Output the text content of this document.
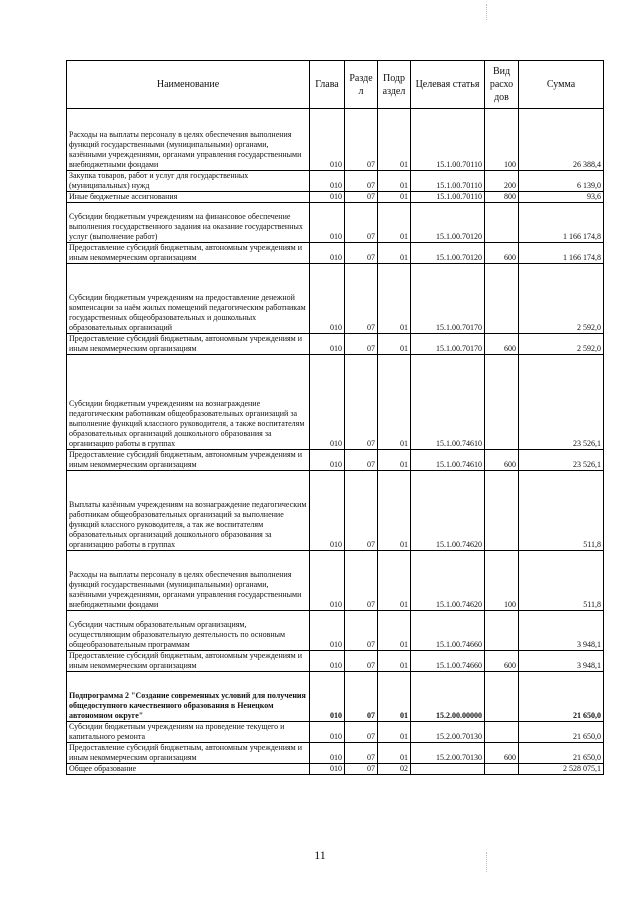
Наименование	Глава	Разде л	Подр аздел	Целевая статья	Вид расхо дов	Сумма
Расходы на выплаты персоналу в целях обеспечения выполнения функций государственными (муниципальными) органами, казёнными учреждениями, органами управления государственными внебюджетными фондами	010	07	01	15.1.00.70110	100	26 388,4
Закупка товаров, работ и услуг для государственных (муниципальных) нужд	010	07	01	15.1.00.70110	200	6 139,0
Иные бюджетные ассигнования	010	07	01	15.1.00.70110	800	93,6
Субсидии бюджетным учреждениям на финансовое обеспечение выполнения государственного задания на оказание государственных услуг (выполнение работ)	010	07	01	15.1.00.70120		1 166 174,8
Предоставление субсидий бюджетным, автономным учреждениям и иным некоммерческим организациям	010	07	01	15.1.00.70120	600	1 166 174,8
Субсидии бюджетным учреждениям на предоставление денежной компенсации за наём жилых помещений педагогическим работникам государственных общеобразовательных и дошкольных образовательных организаций	010	07	01	15.1.00.70170		2 592,0
Предоставление субсидий бюджетным, автономным учреждениям и иным некоммерческим организациям	010	07	01	15.1.00.70170	600	2 592,0
Субсидии бюджетным учреждениям на вознаграждение педагогическим работникам общеобразовательных организаций за выполнение функций классного руководителя, а также воспитателям образовательных организаций дошкольного образования за организацию работы в группах	010	07	01	15.1.00.74610		23 526,1
Предоставление субсидий бюджетным, автономным учреждениям и иным некоммерческим организациям	010	07	01	15.1.00.74610	600	23 526,1
Выплаты казённым учреждениям на вознаграждение педагогическим работникам общеобразовательных организаций за выполнение функций классного руководителя, а так же воспитателям образовательных организаций дошкольного образования за организацию работы в группах	010	07	01	15.1.00.74620		511,8
Расходы на выплаты персоналу в целях обеспечения выполнения функций государственными (муниципальными) органами, казёнными учреждениями, органами управления государственными внебюджетными фондами	010	07	01	15.1.00.74620	100	511,8
Субсидии частным образовательным организациям, осуществляющим образовательную деятельность по основным общеобразовательным программам	010	07	01	15.1.00.74660		3 948,1
Предоставление субсидий бюджетным, автономным учреждениям и иным некоммерческим организациям	010	07	01	15.1.00.74660	600	3 948,1
Подпрограмма 2 "Создание современных условий для получения общедоступного качественного образования в Ненецком автономном округе"	010	07	01	15.2.00.00000		21 650,0
Субсидии бюджетным учреждениям на проведение текущего и капитального ремонта	010	07	01	15.2.00.70130		21 650,0
Предоставление субсидий бюджетным, автономным учреждениям и иным некоммерческим организациям	010	07	01	15.2.00.70130	600	21 650,0
Общее образование	010	07	02			2 528 075,1
11
